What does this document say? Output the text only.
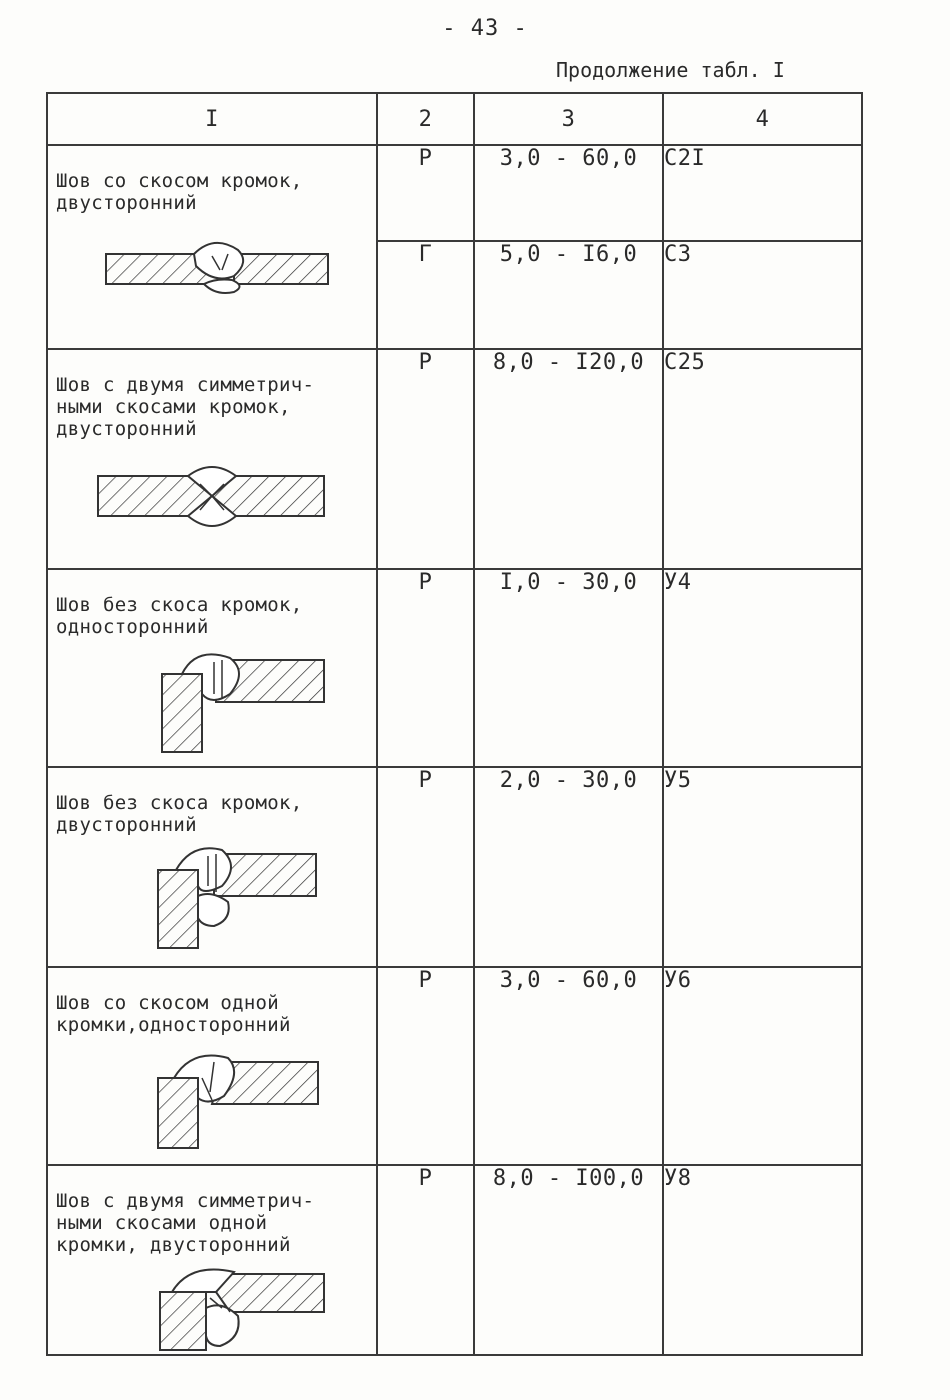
- 43 -
Продолжение табл. I
I	2	3	4

Шов со скосом кромок,
двусторонний	Р	3,0 - 60,0	C2I
	Г	5,0 - I6,0	C3

Шов с двумя симметрич-
ными скосами кромок,
двусторонний	Р	8,0 - I20,0	C25

Шов без скоса кромок,
односторонний	Р	I,0 - 30,0	У4

Шов без скоса кромок,
двусторонний	Р	2,0 - 30,0	У5

Шов со скосом одной
кромки,односторонний	Р	3,0 - 60,0	У6

Шов с двумя симметрич-
ными скосами одной
кромки, двусторонний	Р	8,0 - I00,0	У8
